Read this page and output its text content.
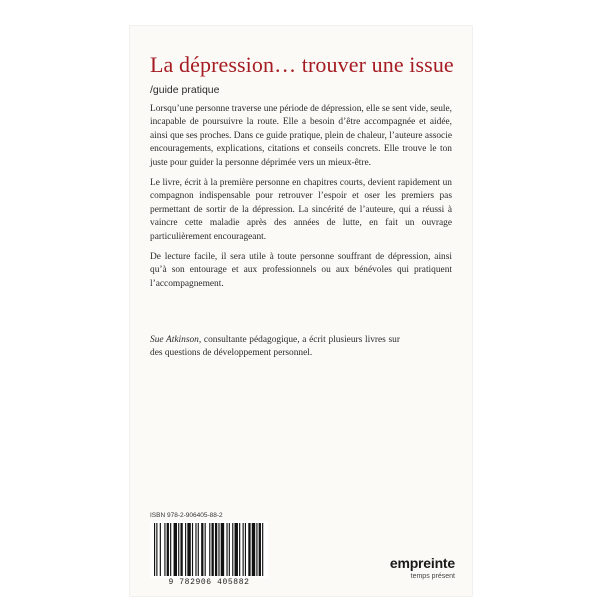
La dépression… trouver une issue
/guide pratique

Lorsqu’une personne traverse une période de dépression, elle se sent vide, seule, incapable de poursuivre la route. Elle a besoin d’être accompagnée et aidée, ainsi que ses proches. Dans ce guide pratique, plein de chaleur, l’auteure associe encouragements, explications, citations et conseils concrets. Elle trouve le ton juste pour guider la personne déprimée vers un mieux-être.

Le livre, écrit à la première personne en chapitres courts, devient rapidement un compagnon indispensable pour retrouver l’espoir et oser les premiers pas permettant de sortir de la dépression. La sincérité de l’auteure, qui a réussi à vaincre cette maladie après des années de lutte, en fait un ouvrage particulièrement encourageant.

De lecture facile, il sera utile à toute personne souffrant de dépression, ainsi qu’à son entourage et aux professionnels ou aux bénévoles qui pratiquent l’accompagnement.

Sue Atkinson, consultante pédagogique, a écrit plusieurs livres sur des questions de développement personnel.
ISBN 978-2-906405-88-2
9 782906 405882
empreinte
temps présent
